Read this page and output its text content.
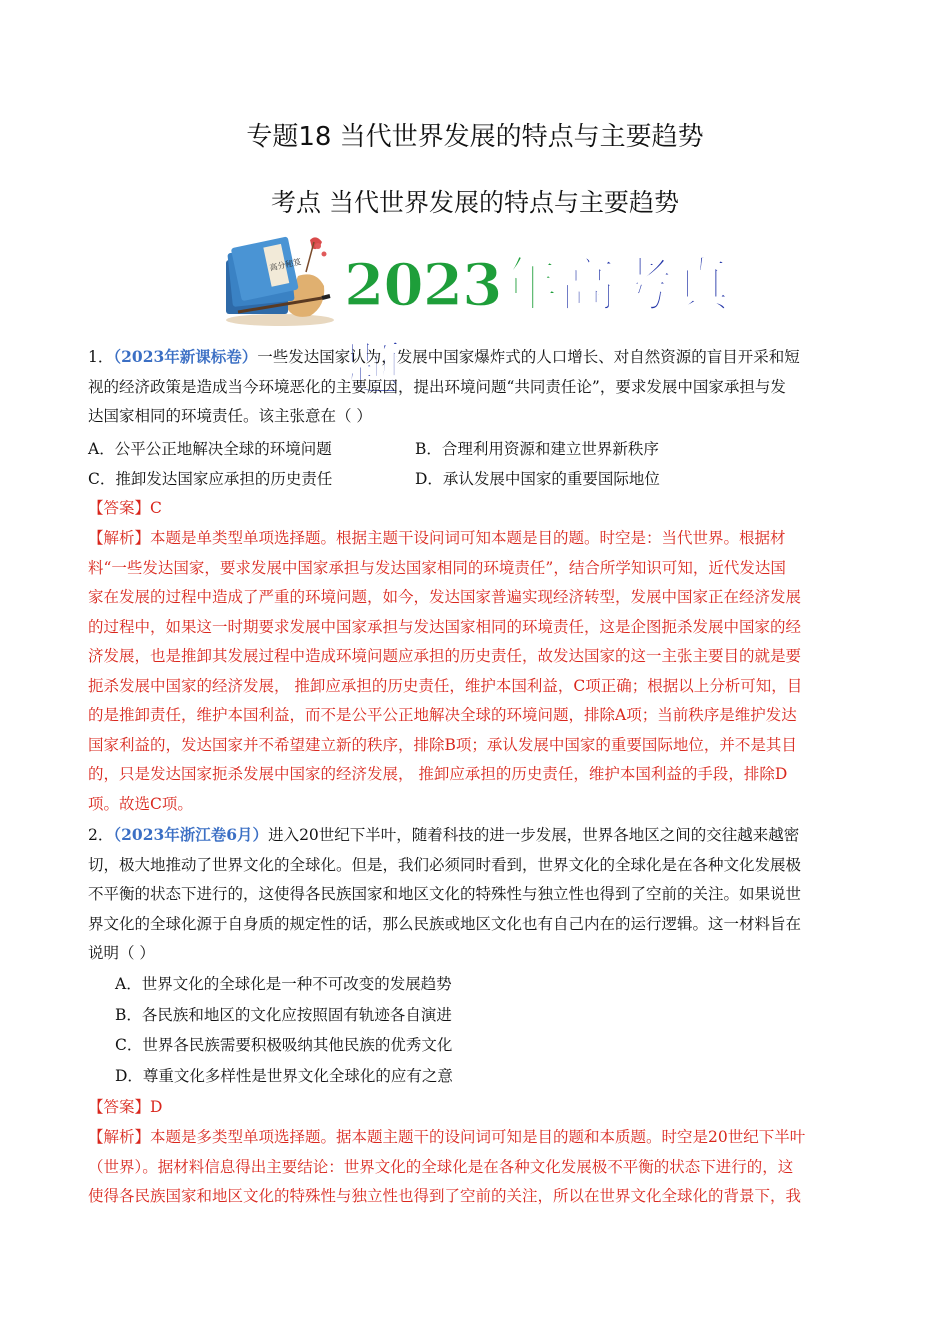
专题18 当代世界发展的特点与主要趋势
考点 当代世界发展的特点与主要趋势
高分秘笈 2023年高考真题
1．（2023年新课标卷）一些发达国家认为，发展中国家爆炸式的人口增长、对自然资源的盲目开采和短
视的经济政策是造成当今环境恶化的主要原因，提出环境问题“共同责任论”，要求发展中国家承担与发
达国家相同的环境责任。该主张意在（ ）
A．公平公正地解决全球的环境问题	B．合理利用资源和建立世界新秩序
C．推卸发达国家应承担的历史责任	D．承认发展中国家的重要国际地位
【答案】C
【解析】本题是单类型单项选择题。根据主题干设问词可知本题是目的题。时空是：当代世界。根据材
料“一些发达国家，要求发展中国家承担与发达国家相同的环境责任”，结合所学知识可知，近代发达国
家在发展的过程中造成了严重的环境问题，如今，发达国家普遍实现经济转型，发展中国家正在经济发展
的过程中，如果这一时期要求发展中国家承担与发达国家相同的环境责任，这是企图扼杀发展中国家的经
济发展，也是推卸其发展过程中造成环境问题应承担的历史责任，故发达国家的这一主张主要目的就是要
扼杀发展中国家的经济发展， 推卸应承担的历史责任，维护本国利益，C项正确；根据以上分析可知，目
的是推卸责任，维护本国利益，而不是公平公正地解决全球的环境问题，排除A项；当前秩序是维护发达
国家利益的，发达国家并不希望建立新的秩序，排除B项；承认发展中国家的重要国际地位，并不是其目
的，只是发达国家扼杀发展中国家的经济发展， 推卸应承担的历史责任，维护本国利益的手段，排除D
项。故选C项。
2．（2023年浙江卷6月）进入20世纪下半叶，随着科技的进一步发展，世界各地区之间的交往越来越密
切，极大地推动了世界文化的全球化。但是，我们必须同时看到，世界文化的全球化是在各种文化发展极
不平衡的状态下进行的，这使得各民族国家和地区文化的特殊性与独立性也得到了空前的关注。如果说世
界文化的全球化源于自身质的规定性的话，那么民族或地区文化也有自己内在的运行逻辑。这一材料旨在
说明（ ）
A．世界文化的全球化是一种不可改变的发展趋势
B．各民族和地区的文化应按照固有轨迹各自演进
C．世界各民族需要积极吸纳其他民族的优秀文化
D．尊重文化多样性是世界文化全球化的应有之意
【答案】D
【解析】本题是多类型单项选择题。据本题主题干的设问词可知是目的题和本质题。时空是20世纪下半叶
（世界）。据材料信息得出主要结论：世界文化的全球化是在各种文化发展极不平衡的状态下进行的，这
使得各民族国家和地区文化的特殊性与独立性也得到了空前的关注，所以在世界文化全球化的背景下，我
